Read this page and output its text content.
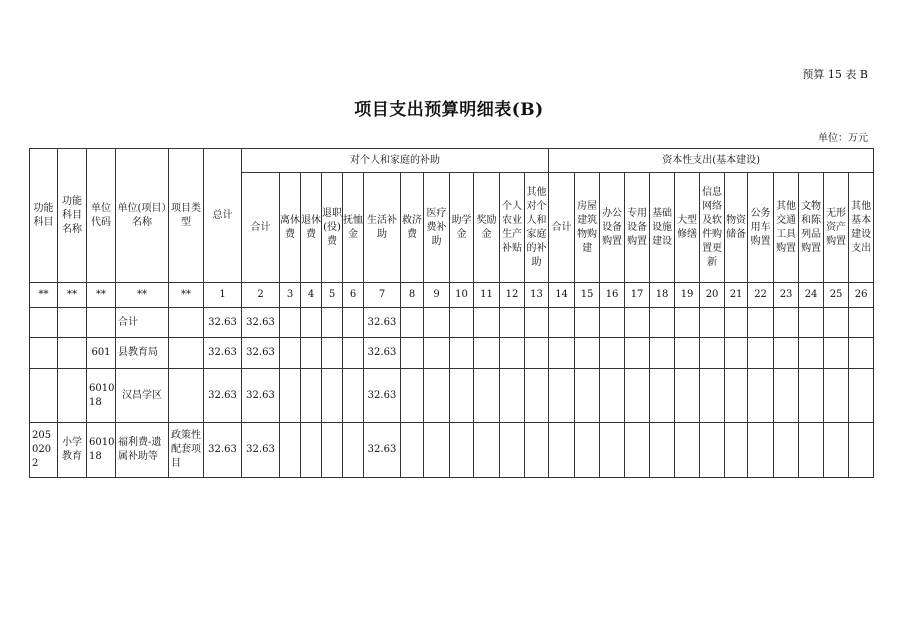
预算 15 表 B
项目支出预算明细表(B)
单位：万元
功能科目	功能科目名称	单位代码	单位(项目）名称	项目类型	总计	对个人和家庭的补助												资本性支出(基本建设)												
						合计	离休费	退休费	退职(役)费	抚恤金	生活补助	救济费	医疗费补助	助学金	奖励金	个人农业生产补贴	其他对个人和家庭的补助	合计	房屋建筑物购建	办公设备购置	专用设备购置	基础设施建设	大型修缮	信息网络及软件购置更新	物资储备	公务用车购置	其他交通工具购置	文物和陈列品购置	无形资产购置	其他基本建设支出
**	**	**	**	**	1	2	3	4	5	6	7	8	9	10	11	12	13	14	15	16	17	18	19	20	21	22	23	24	25	26
			合计		32.63	32.63					32.63																			
		601	县教育局		32.63	32.63					32.63																			
		601018	汉昌学区		32.63	32.63					32.63																			
2050202	小学教育	601018	福利费-遗属补助等	政策性配套项目	32.63	32.63					32.63																			
